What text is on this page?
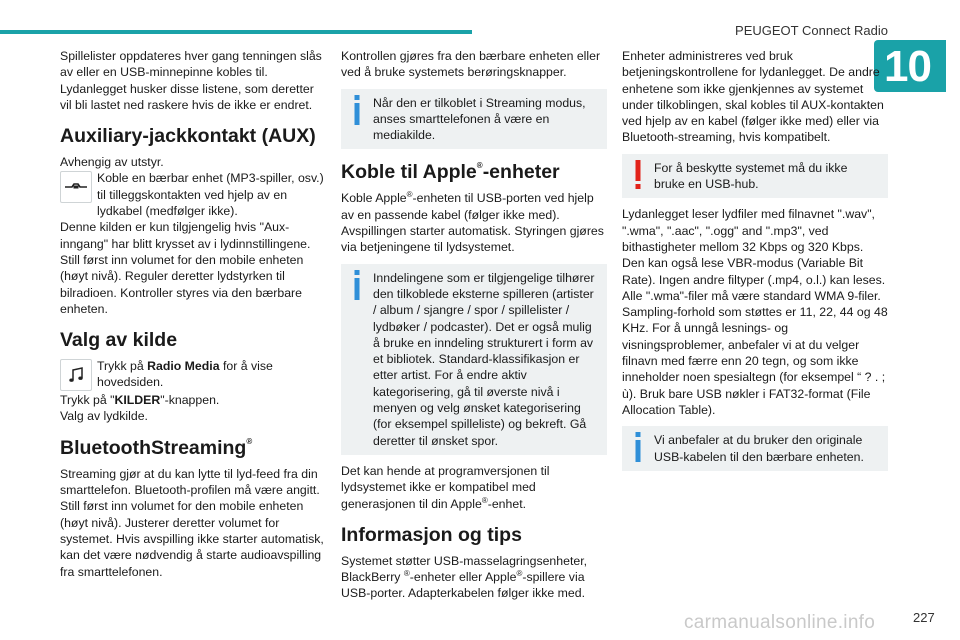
PEUGEOT Connect Radio
10

Spillelister oppdateres hver gang tenningen slås av eller en USB-minnepinne kobles til. Lydanlegget husker disse listene, som deretter vil bli lastet ned raskere hvis de ikke er endret.

Auxiliary-jackkontakt (AUX)

Avhengig av utstyr.

Koble en bærbar enhet (MP3-spiller, osv.) til tilleggskontakten ved hjelp av en lydkabel (medfølger ikke).

Denne kilden er kun tilgjengelig hvis "Aux-inngang" har blitt krysset av i lydinnstillingene. Still først inn volumet for den mobile enheten (høyt nivå). Reguler deretter lydstyrken til bilradioen. Kontroller styres via den bærbare enheten.

Valg av kilde
Trykk på Radio Media for å vise hovedsiden.

Trykk på "KILDER"-knappen.

Valg av lydkilde.

BluetoothStreaming®

Streaming gjør at du kan lytte til lyd-feed fra din smarttelefon. Bluetooth-profilen må være angitt. Still først inn volumet for den mobile enheten (høyt nivå). Justerer deretter volumet for systemet. Hvis avspilling ikke starter automatisk, kan det være nødvendig å starte audioavspilling fra smarttelefonen.

Kontrollen gjøres fra den bærbare enheten eller ved å bruke systemets berøringsknapper.

Når den er tilkoblet i Streaming modus, anses smarttelefonen å være en mediakilde.
Koble til Apple®-enheter

Koble Apple®-enheten til USB-porten ved hjelp av en passende kabel (følger ikke med). Avspillingen starter automatisk. Styringen gjøres via betjeningene til lydsystemet.

Inndelingene som er tilgjengelige tilhører den tilkoblede eksterne spilleren (artister / album / sjangre / spor / spillelister / lydbøker / podcaster). Det er også mulig å bruke en inndeling strukturert i form av et bibliotek. Standard-klassifikasjon er etter artist. For å endre aktiv kategorisering, gå til øverste nivå i menyen og velg ønsket kategorisering (for eksempel spilleliste) og bekreft. Gå deretter til ønsket spor.

Det kan hende at programversjonen til lydsystemet ikke er kompatibel med generasjonen til din Apple®-enhet.

Informasjon og tips

Systemet støtter USB-masselagringsenheter, BlackBerry ®-enheter eller Apple®-spillere via USB-porter. Adapterkabelen følger ikke med.

Enheter administreres ved bruk betjeningskontrollene for lydanlegget. De andre enhetene som ikke gjenkjennes av systemet under tilkoblingen, skal kobles til AUX-kontakten ved hjelp av en kabel (følger ikke med) eller via Bluetooth-streaming, hvis kompatibelt.

For å beskytte systemet må du ikke bruke en USB-hub.

Lydanlegget leser lydfiler med filnavnet ".wav", ".wma", ".aac", ".ogg" and ".mp3", ved bithastigheter mellom 32 Kbps og 320 Kbps. Den kan også lese VBR-modus (Variable Bit Rate). Ingen andre filtyper (.mp4, o.l.) kan leses. Alle ".wma"-filer må være standard WMA 9-filer. Sampling-forhold som støttes er 11, 22, 44 og 48 KHz. For å unngå lesnings- og visningsproblemer, anbefaler vi at du velger filnavn med færre enn 20 tegn, og som ikke inneholder noen spesialtegn (for eksempel “ ? . ; ù). Bruk bare USB nøkler i FAT32-format (File Allocation Table).

Vi anbefaler at du bruker den originale USB-kabelen til den bærbare enheten.
carmanualsonline.info	227
